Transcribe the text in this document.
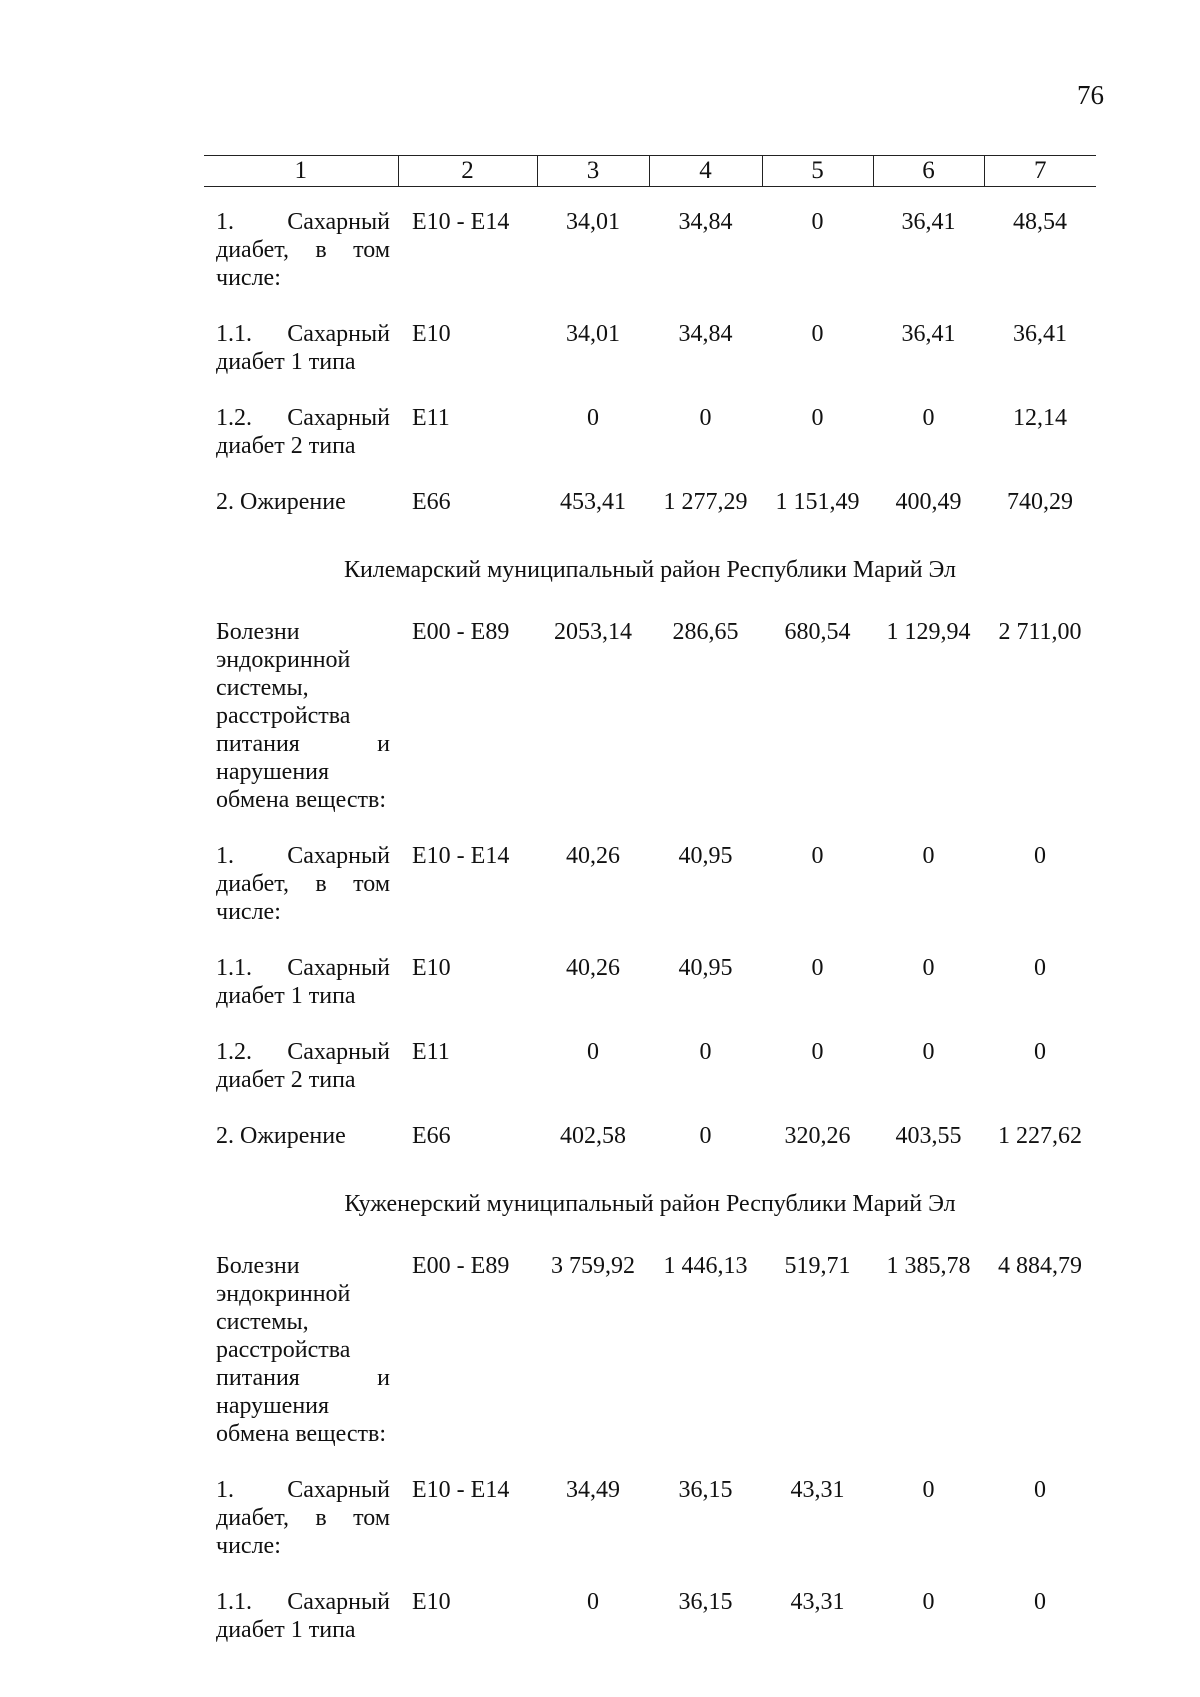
76
1	2	3	4	5	6	7
1. Сахарный диабет, в том числе:	E10 - E14	34,01	34,84	0	36,41	48,54
1.1. Сахарный диабет 1 типа	E10	34,01	34,84	0	36,41	36,41
1.2. Сахарный диабет 2 типа	E11	0	0	0	0	12,14
2. Ожирение	E66	453,41	1 277,29	1 151,49	400,49	740,29
Килемарский муниципальный район Республики Марий Эл						
Болезни эндокринной системы, расстройства питания и нарушения обмена веществ:	E00 - E89	2053,14	286,65	680,54	1 129,94	2 711,00
1. Сахарный диабет, в том числе:	E10 - E14	40,26	40,95	0	0	0
1.1. Сахарный диабет 1 типа	E10	40,26	40,95	0	0	0
1.2. Сахарный диабет 2 типа	E11	0	0	0	0	0
2. Ожирение	E66	402,58	0	320,26	403,55	1 227,62
Куженерский муниципальный район Республики Марий Эл						
Болезни эндокринной системы, расстройства питания и нарушения обмена веществ:	E00 - E89	3 759,92	1 446,13	519,71	1 385,78	4 884,79
1. Сахарный диабет, в том числе:	E10 - E14	34,49	36,15	43,31	0	0
1.1. Сахарный диабет 1 типа	E10	0	36,15	43,31	0	0
